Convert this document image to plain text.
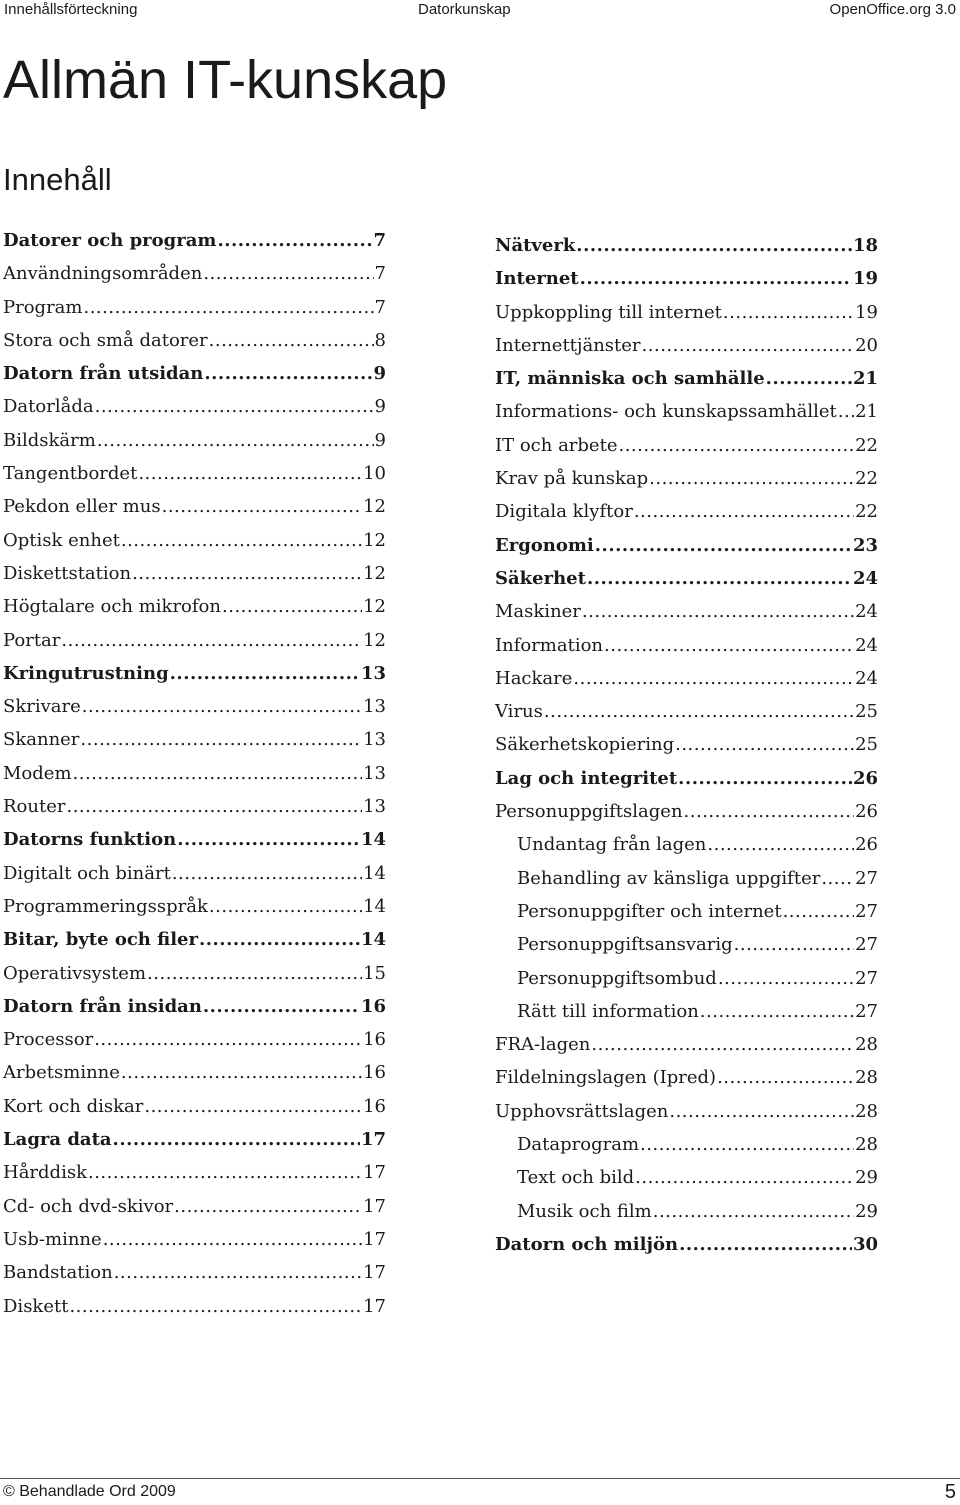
Innehållsförteckning	Datorkunskap	OpenOffice.org 3.0
Allmän IT-kunskap
Innehåll
Datorer och program .....	7
Användningsområden .....	7
Program .....	7
Stora och små datorer .....	8
Datorn från utsidan .....	9
Datorlåda .....	9
Bildskärm .....	9
Tangentbordet .....	10
Pekdon eller mus .....	12
Optisk enhet .....	12
Diskettstation .....	12
Högtalare och mikrofon .....	12
Portar .....	12
Kringutrustning .....	13
Skrivare .....	13
Skanner .....	13
Modem .....	13
Router .....	13
Datorns funktion .....	14
Digitalt och binärt .....	14
Programmeringsspråk .....	14
Bitar, byte och filer .....	14
Operativsystem .....	15
Datorn från insidan .....	16
Processor .....	16
Arbetsminne .....	16
Kort och diskar .....	16
Lagra data .....	17
Hårddisk .....	17
Cd- och dvd-skivor .....	17
Usb-minne .....	17
Bandstation .....	17
Diskett .....	17
Nätverk .....	18
Internet .....	19
Uppkoppling till internet .....	19
Internettjänster .....	20
IT, människa och samhälle .....	21
Informations- och kunskapssamhället ..... 21
IT och arbete .....	22
Krav på kunskap .....	22
Digitala klyftor .....	22
Ergonomi .....	23
Säkerhet .....	24
Maskiner .....	24
Information .....	24
Hackare .....	24
Virus .....	25
Säkerhetskopiering .....	25
Lag och integritet .....	26
Personuppgiftslagen .....	26
Undantag från lagen .....	26
Behandling av känsliga uppgifter ..... 27
Personuppgifter och internet .....	27
Personuppgiftsansvarig .....	27
Personuppgiftsombud .....	27
Rätt till information .....	27
FRA-lagen .....	28
Fildelningslagen (Ipred) .....	28
Upphovsrättslagen .....	28
Dataprogram .....	28
Text och bild .....	29
Musik och film .....	29
Datorn och miljön .....	30
© Behandlade Ord 2009	5
